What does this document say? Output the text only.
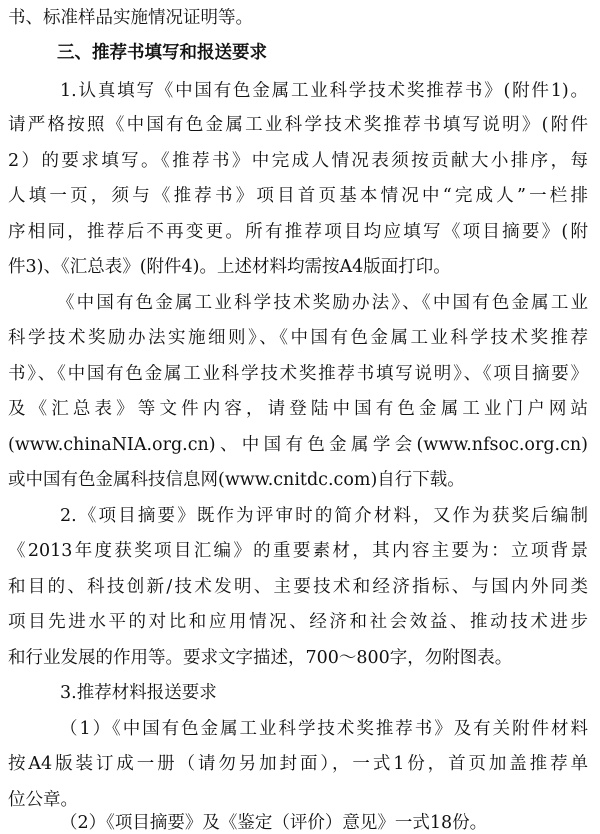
书、标准样品实施情况证明等。
三、推荐书填写和报送要求
1.认真填写《中国有色金属工业科学技术奖推荐书》(附件1)。
请严格按照《中国有色金属工业科学技术奖推荐书填写说明》(附件
2）的要求填写。《推荐书》中完成人情况表须按贡献大小排序，每
人填一页，须与《推荐书》项目首页基本情况中“完成人”一栏排
序相同，推荐后不再变更。所有推荐项目均应填写《项目摘要》(附
件3)、《汇总表》(附件4)。上述材料均需按A4版面打印。
《中国有色金属工业科学技术奖励办法》、《中国有色金属工业
科学技术奖励办法实施细则》、《中国有色金属工业科学技术奖推荐
书》、《中国有色金属工业科学技术奖推荐书填写说明》、《项目摘要》
及《汇总表》等文件内容，请登陆中国有色金属工业门户网站
(www.chinaNIA.org.cn)、中国有色金属学会(www.nfsoc.org.cn)
或中国有色金属科技信息网(www.cnitdc.com)自行下载。
2.《项目摘要》既作为评审时的简介材料，又作为获奖后编制
《2013年度获奖项目汇编》的重要素材，其内容主要为：立项背景
和目的、科技创新/技术发明、主要技术和经济指标、与国内外同类
项目先进水平的对比和应用情况、经济和社会效益、推动技术进步
和行业发展的作用等。要求文字描述，700～800字，勿附图表。
3.推荐材料报送要求
（1）《中国有色金属工业科学技术奖推荐书》及有关附件材料
按A4版装订成一册（请勿另加封面），一式1份，首页加盖推荐单
位公章。
（2）《项目摘要》及《鉴定（评价）意见》一式18份。
